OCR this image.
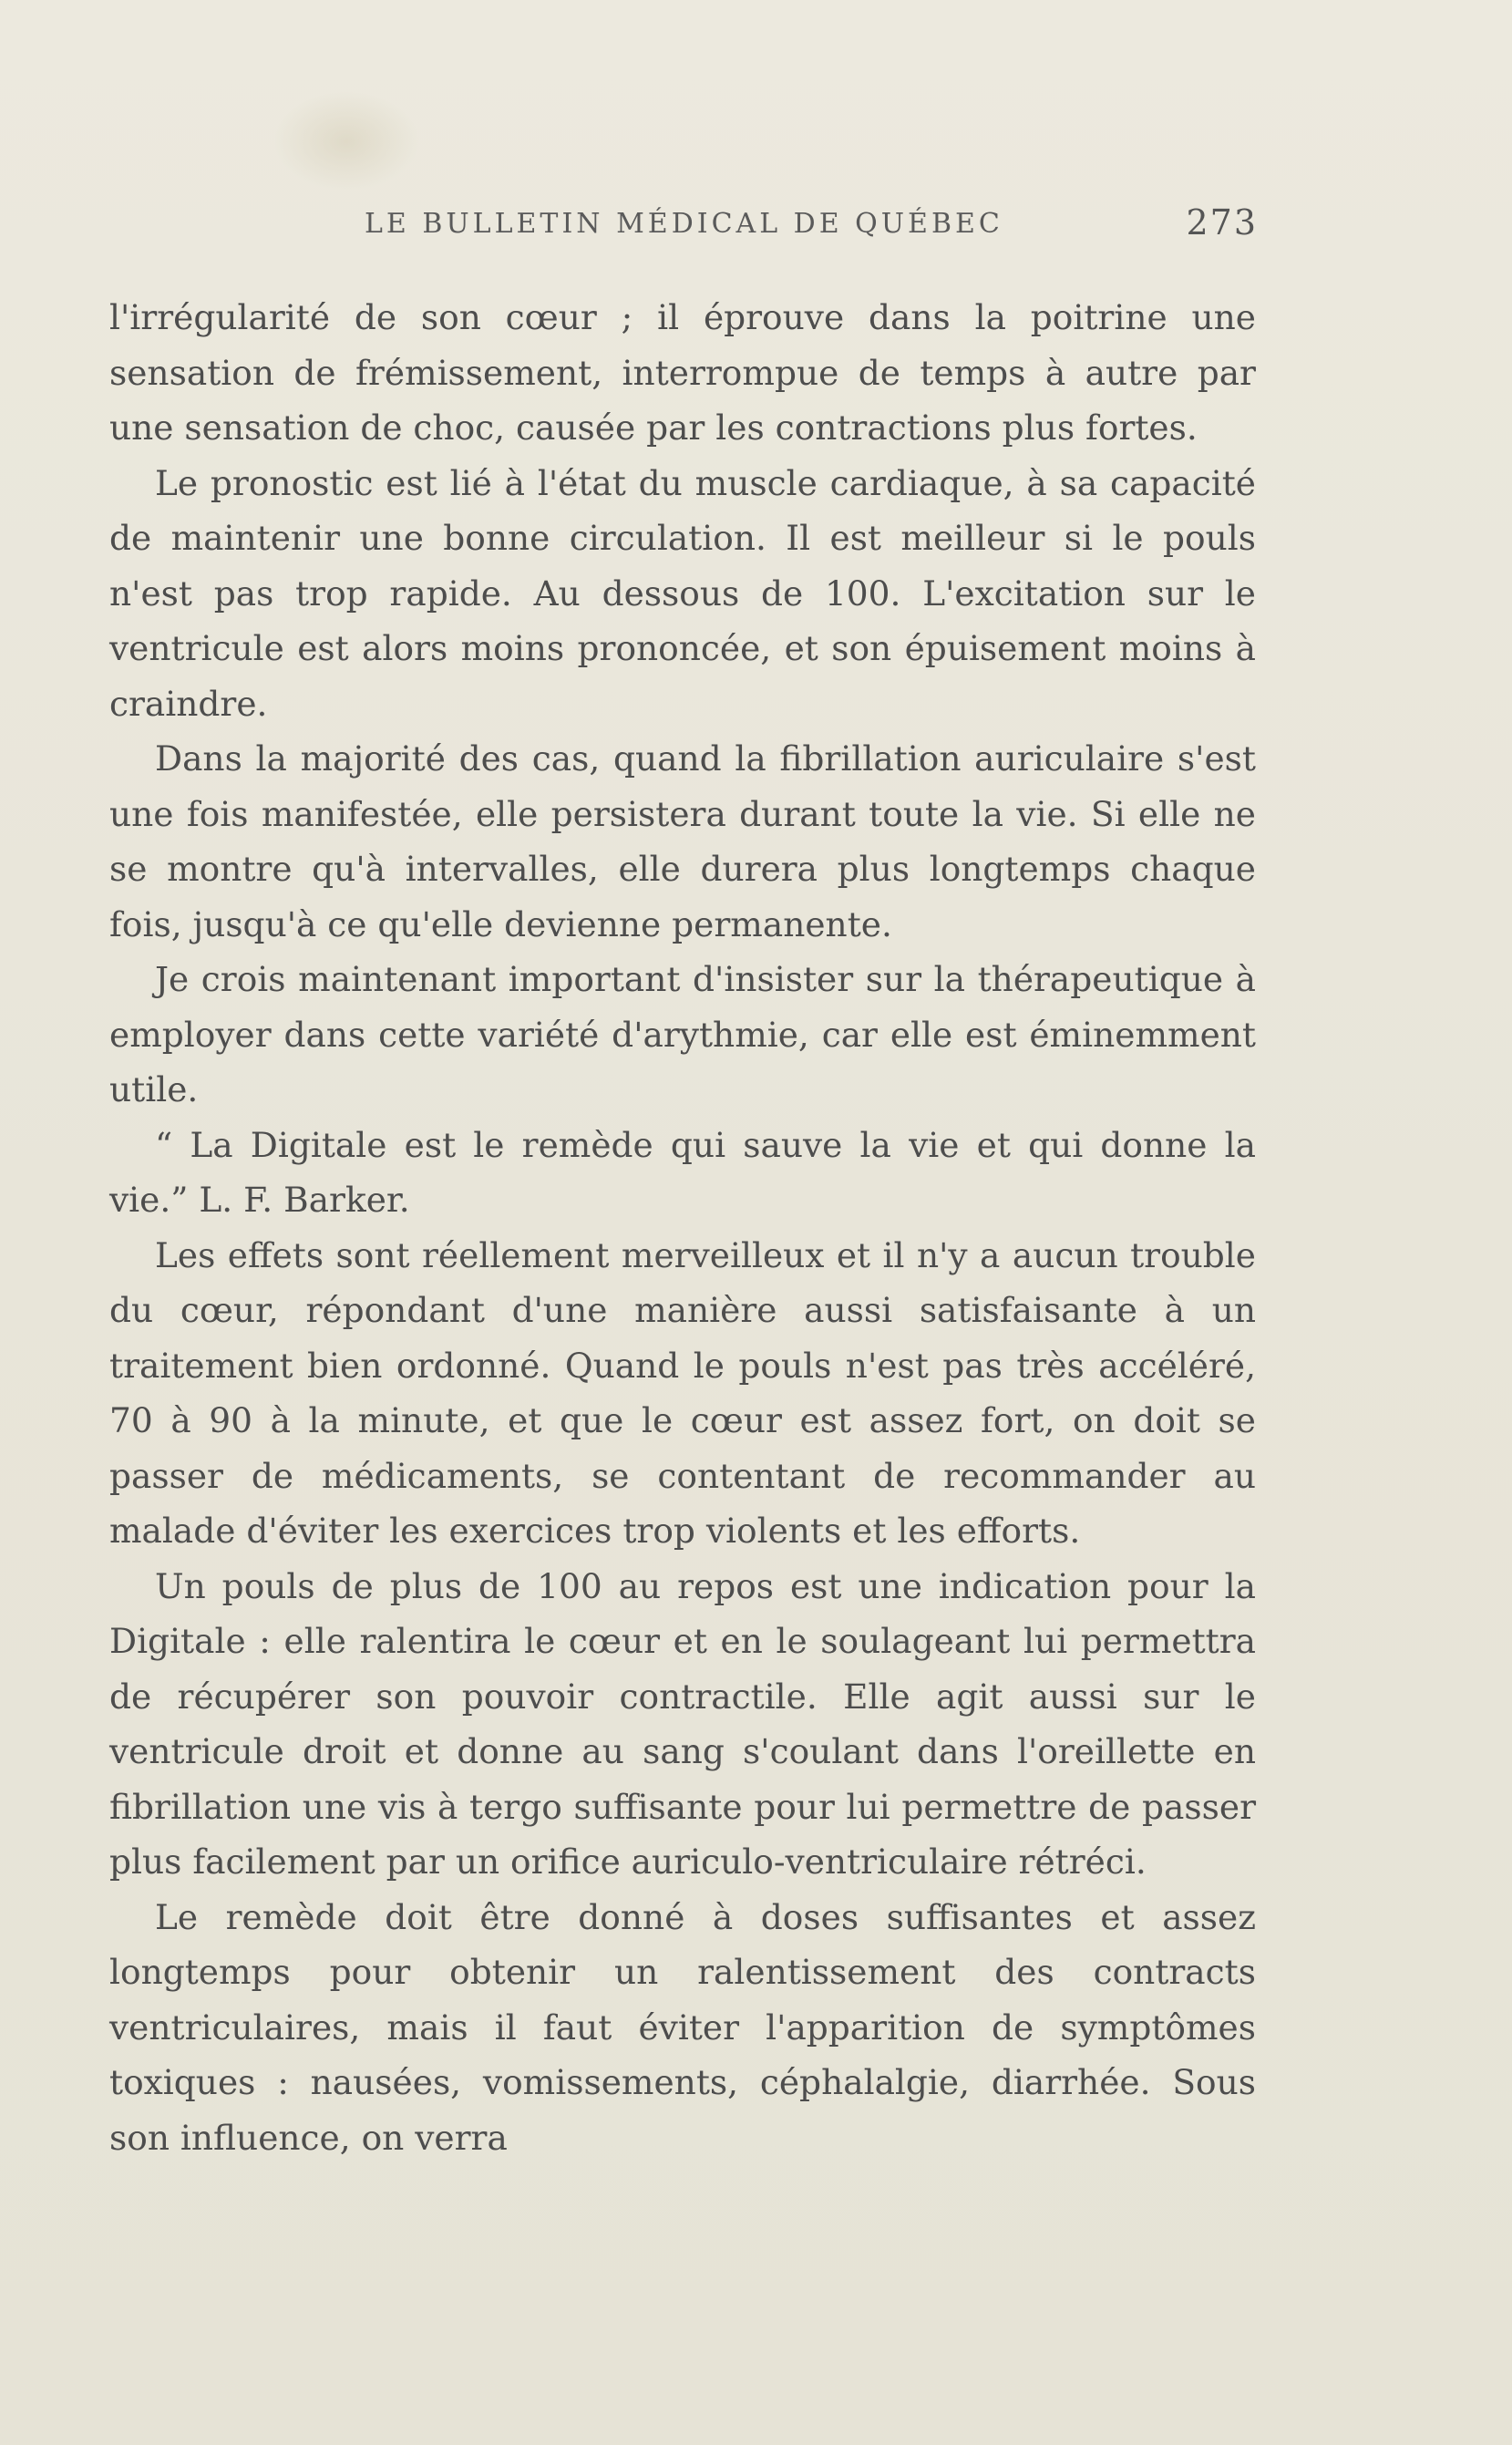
LE BULLETIN MÉDICAL DE QUÉBEC	273

l'irrégularité de son cœur ; il éprouve dans la poitrine une sensation de frémissement, interrompue de temps à autre par une sensation de choc, causée par les contractions plus fortes.

Le pronostic est lié à l'état du muscle cardiaque, à sa capacité de maintenir une bonne circulation. Il est meilleur si le pouls n'est pas trop rapide. Au dessous de 100. L'excitation sur le ventricule est alors moins prononcée, et son épuisement moins à craindre.

Dans la majorité des cas, quand la fibrillation auriculaire s'est une fois manifestée, elle persistera durant toute la vie. Si elle ne se montre qu'à intervalles, elle durera plus longtemps chaque fois, jusqu'à ce qu'elle devienne permanente.

Je crois maintenant important d'insister sur la thérapeutique à employer dans cette variété d'arythmie, car elle est éminemment utile.

“ La Digitale est le remède qui sauve la vie et qui donne la vie.” L. F. Barker.

Les effets sont réellement merveilleux et il n'y a aucun trouble du cœur, répondant d'une manière aussi satisfaisante à un traitement bien ordonné. Quand le pouls n'est pas très accéléré, 70 à 90 à la minute, et que le cœur est assez fort, on doit se passer de médicaments, se contentant de recommander au malade d'éviter les exercices trop violents et les efforts.

Un pouls de plus de 100 au repos est une indication pour la Digitale : elle ralentira le cœur et en le soulageant lui permettra de récupérer son pouvoir contractile. Elle agit aussi sur le ventricule droit et donne au sang s'coulant dans l'oreillette en fibrillation une vis à tergo suffisante pour lui permettre de passer plus facilement par un orifice auriculo-ventriculaire rétréci.

Le remède doit être donné à doses suffisantes et assez longtemps pour obtenir un ralentissement des contracts ventriculaires, mais il faut éviter l'apparition de symptômes toxiques : nausées, vomissements, céphalalgie, diarrhée. Sous son influence, on verra
